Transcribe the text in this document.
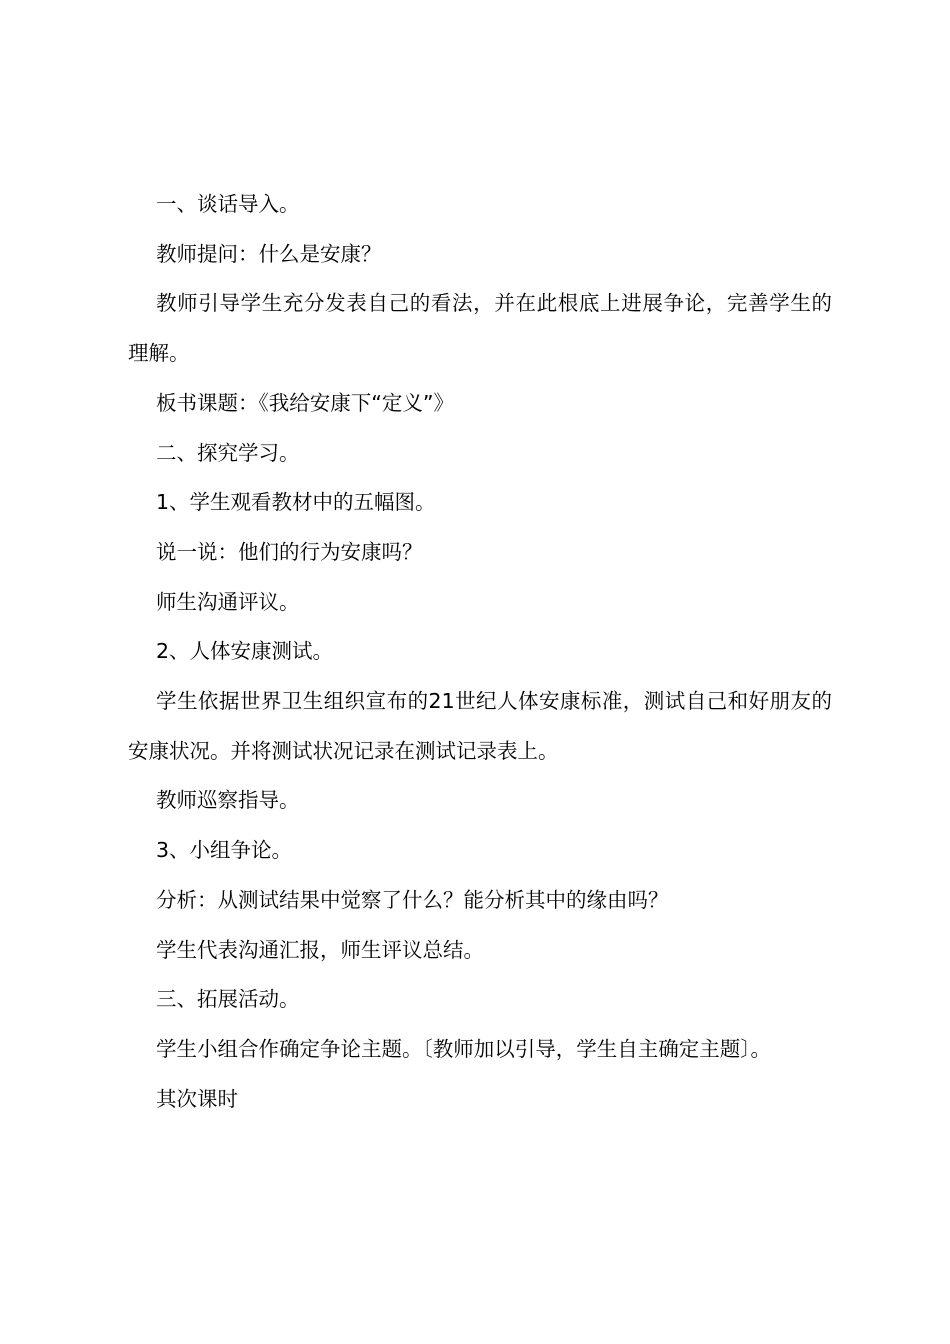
一、谈话导入。

教师提问：什么是安康？

教师引导学生充分发表自己的看法，并在此根底上进展争论，完善学生的理解。

板书课题：《我给安康下“定义”》

二、探究学习。

1、学生观看教材中的五幅图。

说一说：他们的行为安康吗？

师生沟通评议。

2、人体安康测试。

学生依据世界卫生组织宣布的21世纪人体安康标准，测试自己和好朋友的安康状况。并将测试状况记录在测试记录表上。

教师巡察指导。

3、小组争论。

分析：从测试结果中觉察了什么？能分析其中的缘由吗？

学生代表沟通汇报，师生评议总结。

三、拓展活动。

学生小组合作确定争论主题。〔教师加以引导，学生自主确定主题〕。

其次课时
